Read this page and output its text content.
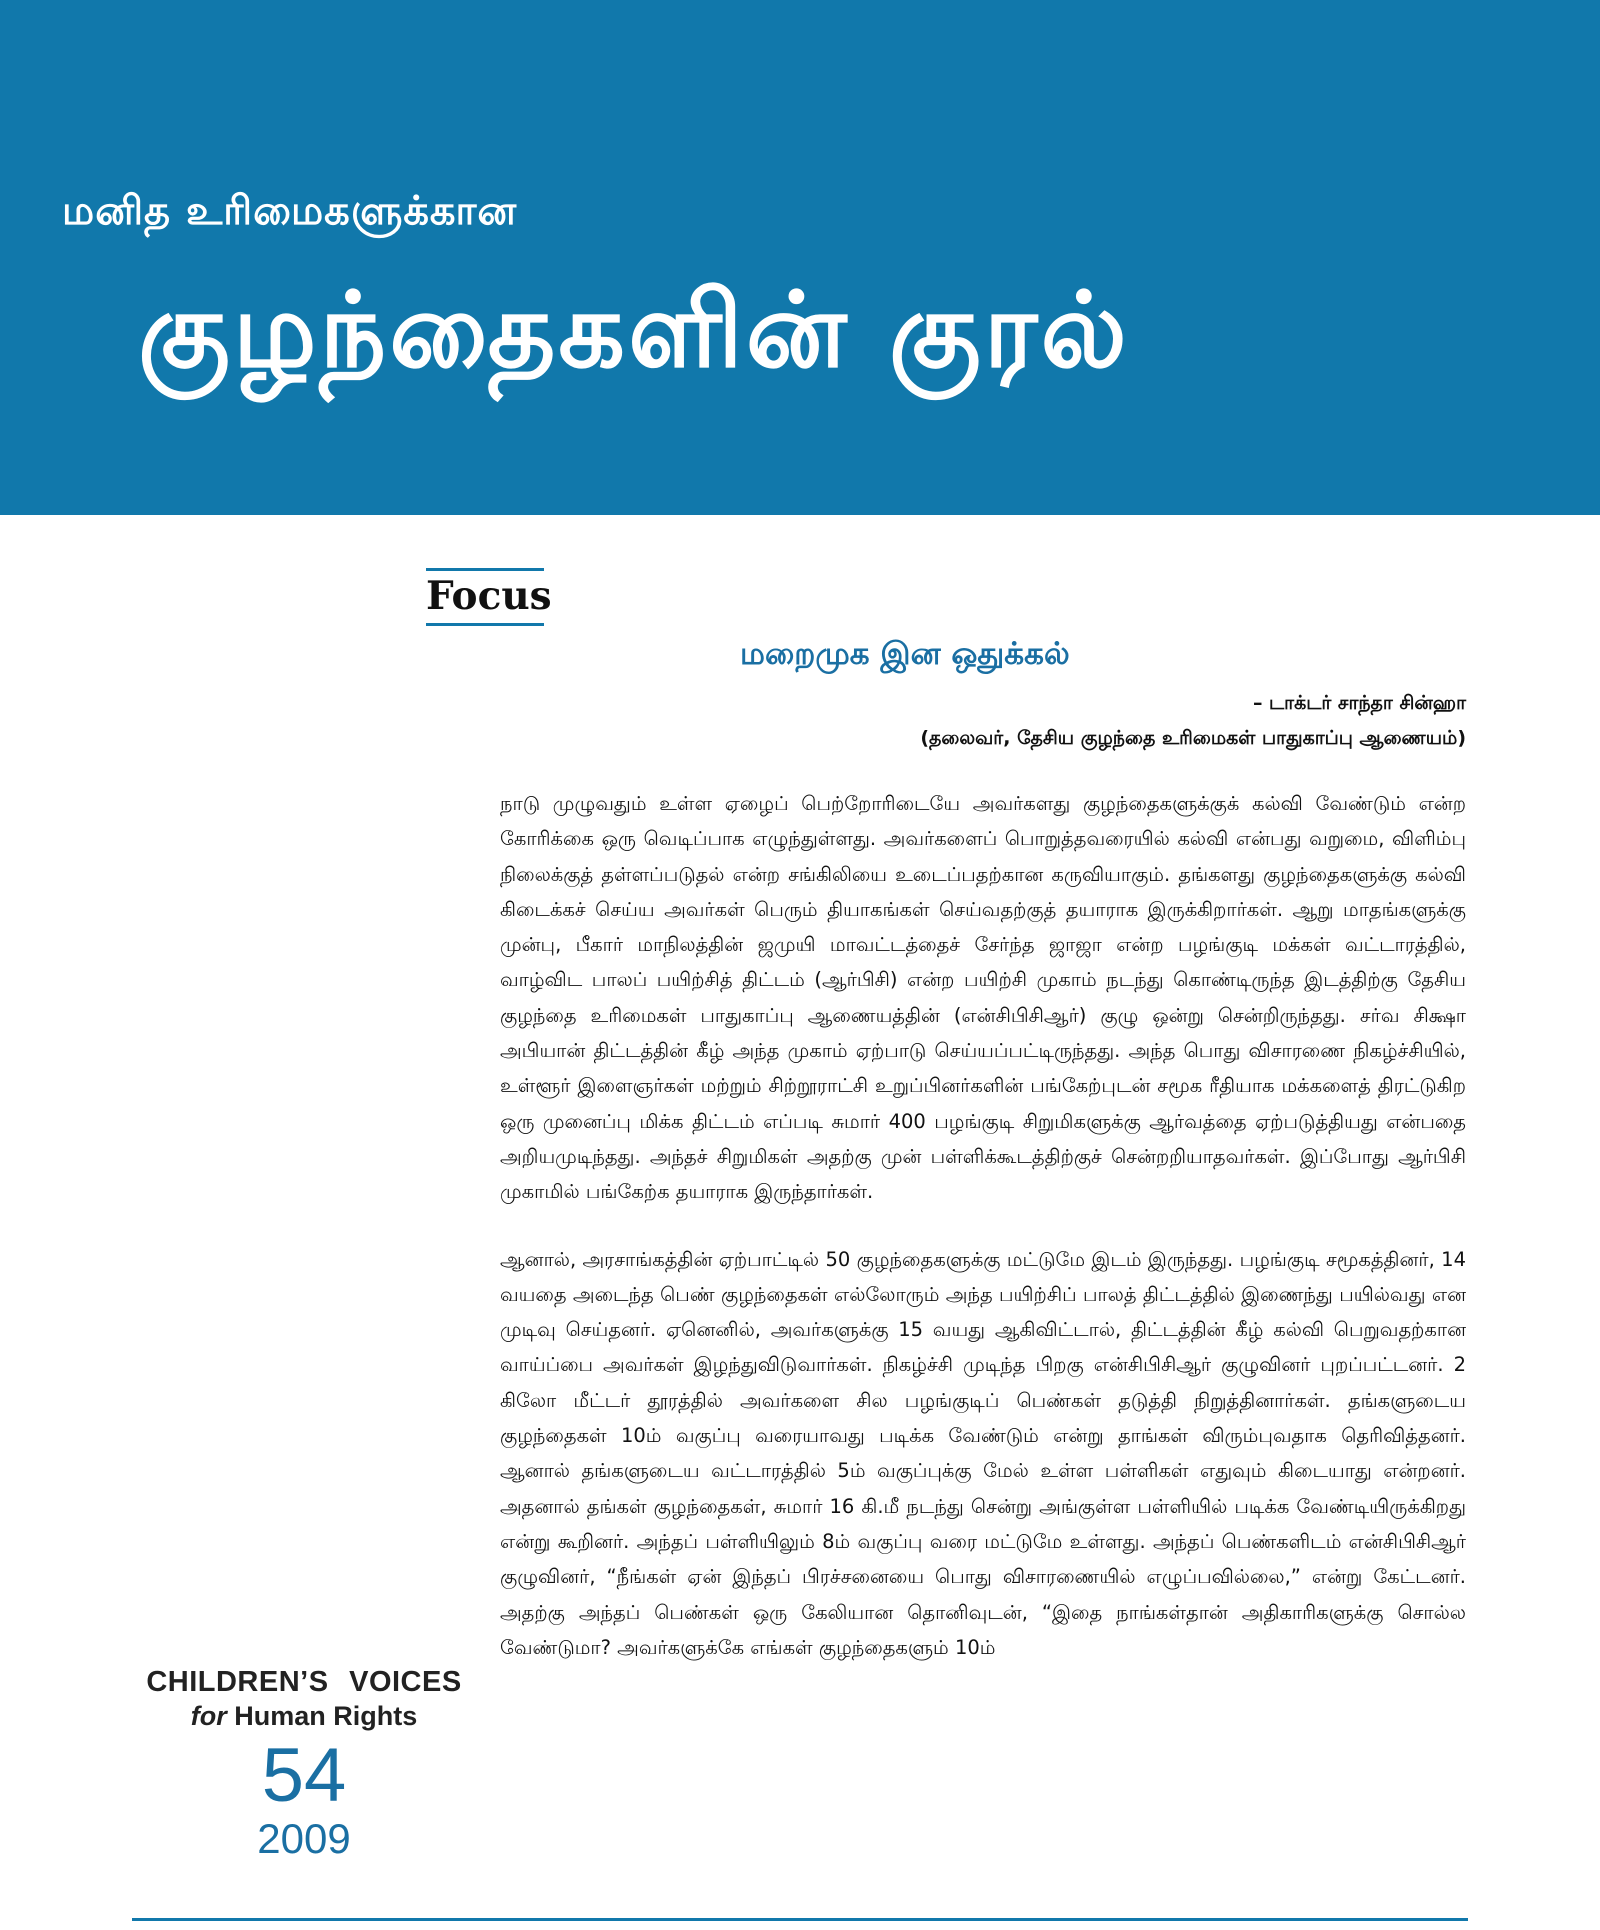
மனித உரிமைகளுக்கான
குழந்தைகளின் குரல்
Focus
மறைமுக இன ஒதுக்கல்
– டாக்டர் சாந்தா சின்ஹா
(தலைவர், தேசிய குழந்தை உரிமைகள் பாதுகாப்பு ஆணையம்)

நாடு முழுவதும் உள்ள ஏழைப் பெற்றோரிடையே அவர்களது குழந்தைகளுக்குக் கல்வி வேண்டும் என்ற கோரிக்கை ஒரு வெடிப்பாக எழுந்துள்ளது. அவர்களைப் பொறுத்தவரையில் கல்வி என்பது வறுமை, விளிம்பு நிலைக்குத் தள்ளப்படுதல் என்ற சங்கிலியை உடைப்பதற்கான கருவியாகும். தங்களது குழந்தைகளுக்கு கல்வி கிடைக்கச் செய்ய அவர்கள் பெரும் தியாகங்கள் செய்வதற்குத் தயாராக இருக்கிறார்கள். ஆறு மாதங்களுக்கு முன்பு, பீகார் மாநிலத்தின் ஜமுயி மாவட்டத்தைச் சேர்ந்த ஜாஜா என்ற பழங்குடி மக்கள் வட்டாரத்தில், வாழ்விட பாலப் பயிற்சித் திட்டம் (ஆர்பிசி) என்ற பயிற்சி முகாம் நடந்து கொண்டிருந்த இடத்திற்கு தேசிய குழந்தை உரிமைகள் பாதுகாப்பு ஆணையத்தின் (என்சிபிசிஆர்) குழு ஒன்று சென்றிருந்தது. சர்வ சிக்ஷா அபியான் திட்டத்தின் கீழ் அந்த முகாம் ஏற்பாடு செய்யப்பட்டிருந்தது. அந்த பொது விசாரணை நிகழ்ச்சியில், உள்ளூர் இளைஞர்கள் மற்றும் சிற்றூராட்சி உறுப்பினர்களின் பங்கேற்புடன் சமூக ரீதியாக மக்களைத் திரட்டுகிற ஒரு முனைப்பு மிக்க திட்டம் எப்படி சுமார் 400 பழங்குடி சிறுமிகளுக்கு ஆர்வத்தை ஏற்படுத்தியது என்பதை அறியமுடிந்தது. அந்தச் சிறுமிகள் அதற்கு முன் பள்ளிக்கூடத்திற்குச் சென்றறியாதவர்கள். இப்போது ஆர்பிசி முகாமில் பங்கேற்க தயாராக இருந்தார்கள்.

ஆனால், அரசாங்கத்தின் ஏற்பாட்டில் 50 குழந்தைகளுக்கு மட்டுமே இடம் இருந்தது. பழங்குடி சமூகத்தினர், 14 வயதை அடைந்த பெண் குழந்தைகள் எல்லோரும் அந்த பயிற்சிப் பாலத் திட்டத்தில் இணைந்து பயில்வது என முடிவு செய்தனர். ஏனெனில், அவர்களுக்கு 15 வயது ஆகிவிட்டால், திட்டத்தின் கீழ் கல்வி பெறுவதற்கான வாய்ப்பை அவர்கள் இழந்துவிடுவார்கள். நிகழ்ச்சி முடிந்த பிறகு என்சிபிசிஆர் குழுவினர் புறப்பட்டனர். 2 கிலோ மீட்டர் தூரத்தில் அவர்களை சில பழங்குடிப் பெண்கள் தடுத்தி நிறுத்தினார்கள். தங்களுடைய குழந்தைகள் 10ம் வகுப்பு வரையாவது படிக்க வேண்டும் என்று தாங்கள் விரும்புவதாக தெரிவித்தனர். ஆனால் தங்களுடைய வட்டாரத்தில் 5ம் வகுப்புக்கு மேல் உள்ள பள்ளிகள் எதுவும் கிடையாது என்றனர். அதனால் தங்கள் குழந்தைகள், சுமார் 16 கி.மீ நடந்து சென்று அங்குள்ள பள்ளியில் படிக்க வேண்டியிருக்கிறது என்று கூறினர். அந்தப் பள்ளியிலும் 8ம் வகுப்பு வரை மட்டுமே உள்ளது. அந்தப் பெண்களிடம் என்சிபிசிஆர் குழுவினர், “நீங்கள் ஏன் இந்தப் பிரச்சனையை பொது விசாரணையில் எழுப்பவில்லை,” என்று கேட்டனர். அதற்கு அந்தப் பெண்கள் ஒரு கேலியான தொனிவுடன், “இதை நாங்கள்தான் அதிகாரிகளுக்கு சொல்ல வேண்டுமா? அவர்களுக்கே எங்கள் குழந்தைகளும் 10ம்

CHILDREN’S VOICES
for Human Rights
54
2009
